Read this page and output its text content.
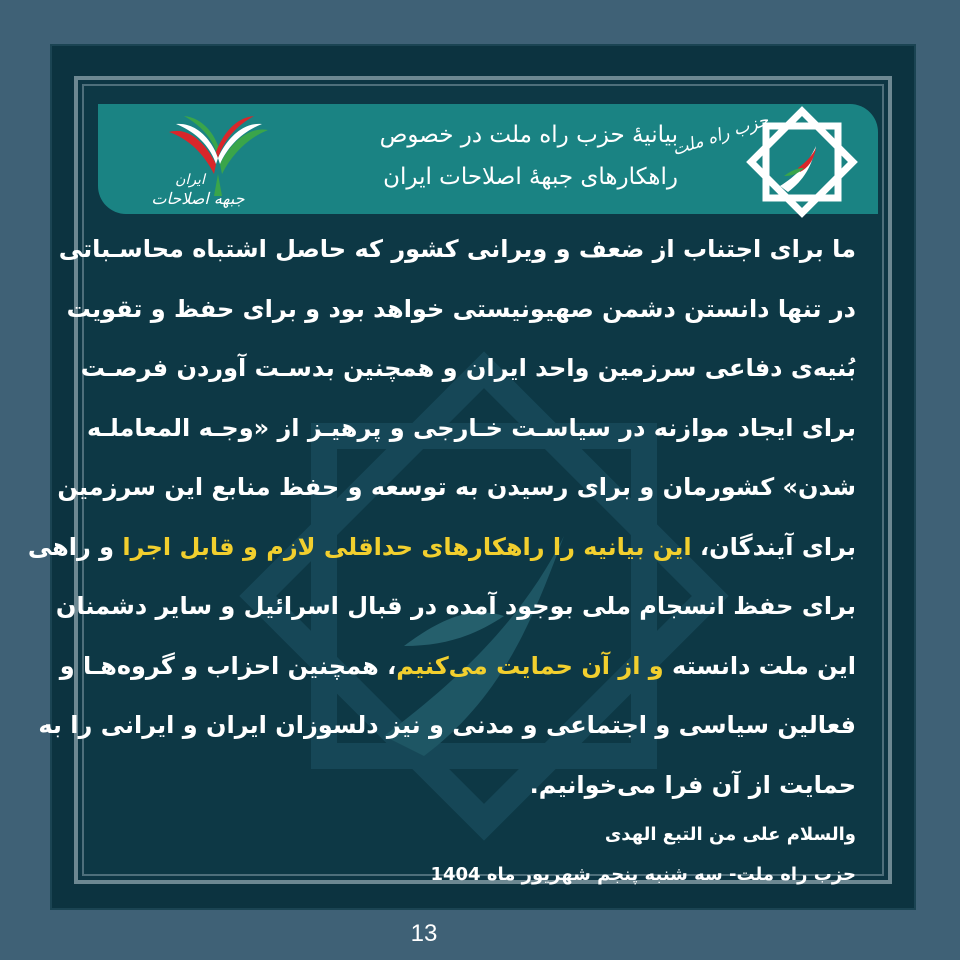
بیانیۀ حزب راه ملت در خصوص
راهکارهای جبهۀ اصلاحات ایران
حزب راه ملت
ایران
جبهه اصلاحات
ما برای اجتناب از ضعف و ویرانی کشور که حاصل اشتباه محاسـباتی
در تنها دانستن دشمن صهیونیستی خواهد بود و برای حفظ و تقویت
بُنیه‌ی دفاعی سرزمین واحد ایران و همچنین بدسـت آوردن فرصـت
برای ایجاد موازنه در سیاسـت خـارجی و پرهیـز از «وجـه المعاملـه
شدن» کشورمان و برای رسیدن به توسعه و حفظ منابع این سرزمین
برای آیندگان، این بیانیه را راهکارهای حداقلی لازم و قابل اجرا و راهی
برای حفظ انسجام ملی بوجود آمده در قبال اسرائیل و سایر دشمنان
این ملت دانسته و از آن حمایت می‌کنیم، همچنین احزاب و گروه‌هـا و
فعالین سیاسی و اجتماعی و مدنی و نیز دلسوزان ایران و ایرانی را به
حمایت از آن فرا می‌خوانیم.
والسلام علی من التبع الهدی
حزب راه ملت- سه شنبه پنجم شهریور ماه 1404
13
